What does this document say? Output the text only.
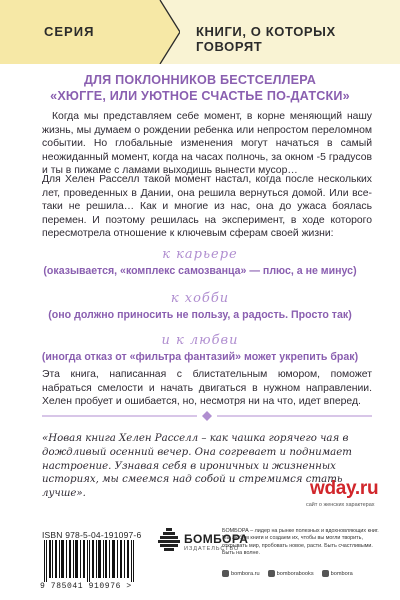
СЕРИЯ	КНИГИ, О КОТОРЫХ ГОВОРЯТ
ДЛЯ ПОКЛОННИКОВ БЕСТСЕЛЛЕРА
«ХЮГГЕ, ИЛИ УЮТНОЕ СЧАСТЬЕ ПО-ДАТСКИ»

Когда мы представляем себе момент, в корне меняющий нашу жизнь, мы думаем о рождении ребенка или непростом переломном событии. Но глобальные изменения могут начаться в самый неожиданный момент, когда на часах полночь, за окном -5 градусов и ты в пижаме с ламами выходишь вынести мусор…

Для Хелен Расселл такой момент настал, когда после нескольких лет, проведенных в Дании, она решила вернуться домой. Или все-таки не решила… Как и многие из нас, она до ужаса боялась перемен. И поэтому решилась на эксперимент, в ходе которого пересмотрела отношение к ключевым сферам своей жизни:

к карьере
(оказывается, «комплекс самозванца» — плюс, а не минус)
к хобби
(оно должно приносить не пользу, а радость. Просто так)
и к любви
(иногда отказ от «фильтра фантазий» может укрепить брак)

Эта книга, написанная с блистательным юмором, поможет набраться смелости и начать двигаться в нужном направлении. Хелен пробует и ошибается, но, несмотря ни на что, идет вперед.

«Новая книга Хелен Расселл – как чашка горячего чая в дождливый осенний вечер. Она согревает и поднимает настроение. Узнавая себя в ироничных и жизненных историях, мы смеемся над собой и стремимся стать лучше».	wday.ru
сайт о женских характерах
ISBN 978-5-04-191097-6
9 785041 910976 >
БОМБОРА
ИЗДАТЕЛЬСТВО
БОМБОРА – лидер на рынке полезных и вдохновляющих книг. Мы любим книги и создаем их, чтобы вы могли творить, открывать мир, пробовать новое, расти. Быть счастливыми. Быть на волне.
bombora.ru	bomborabooks	bombora
